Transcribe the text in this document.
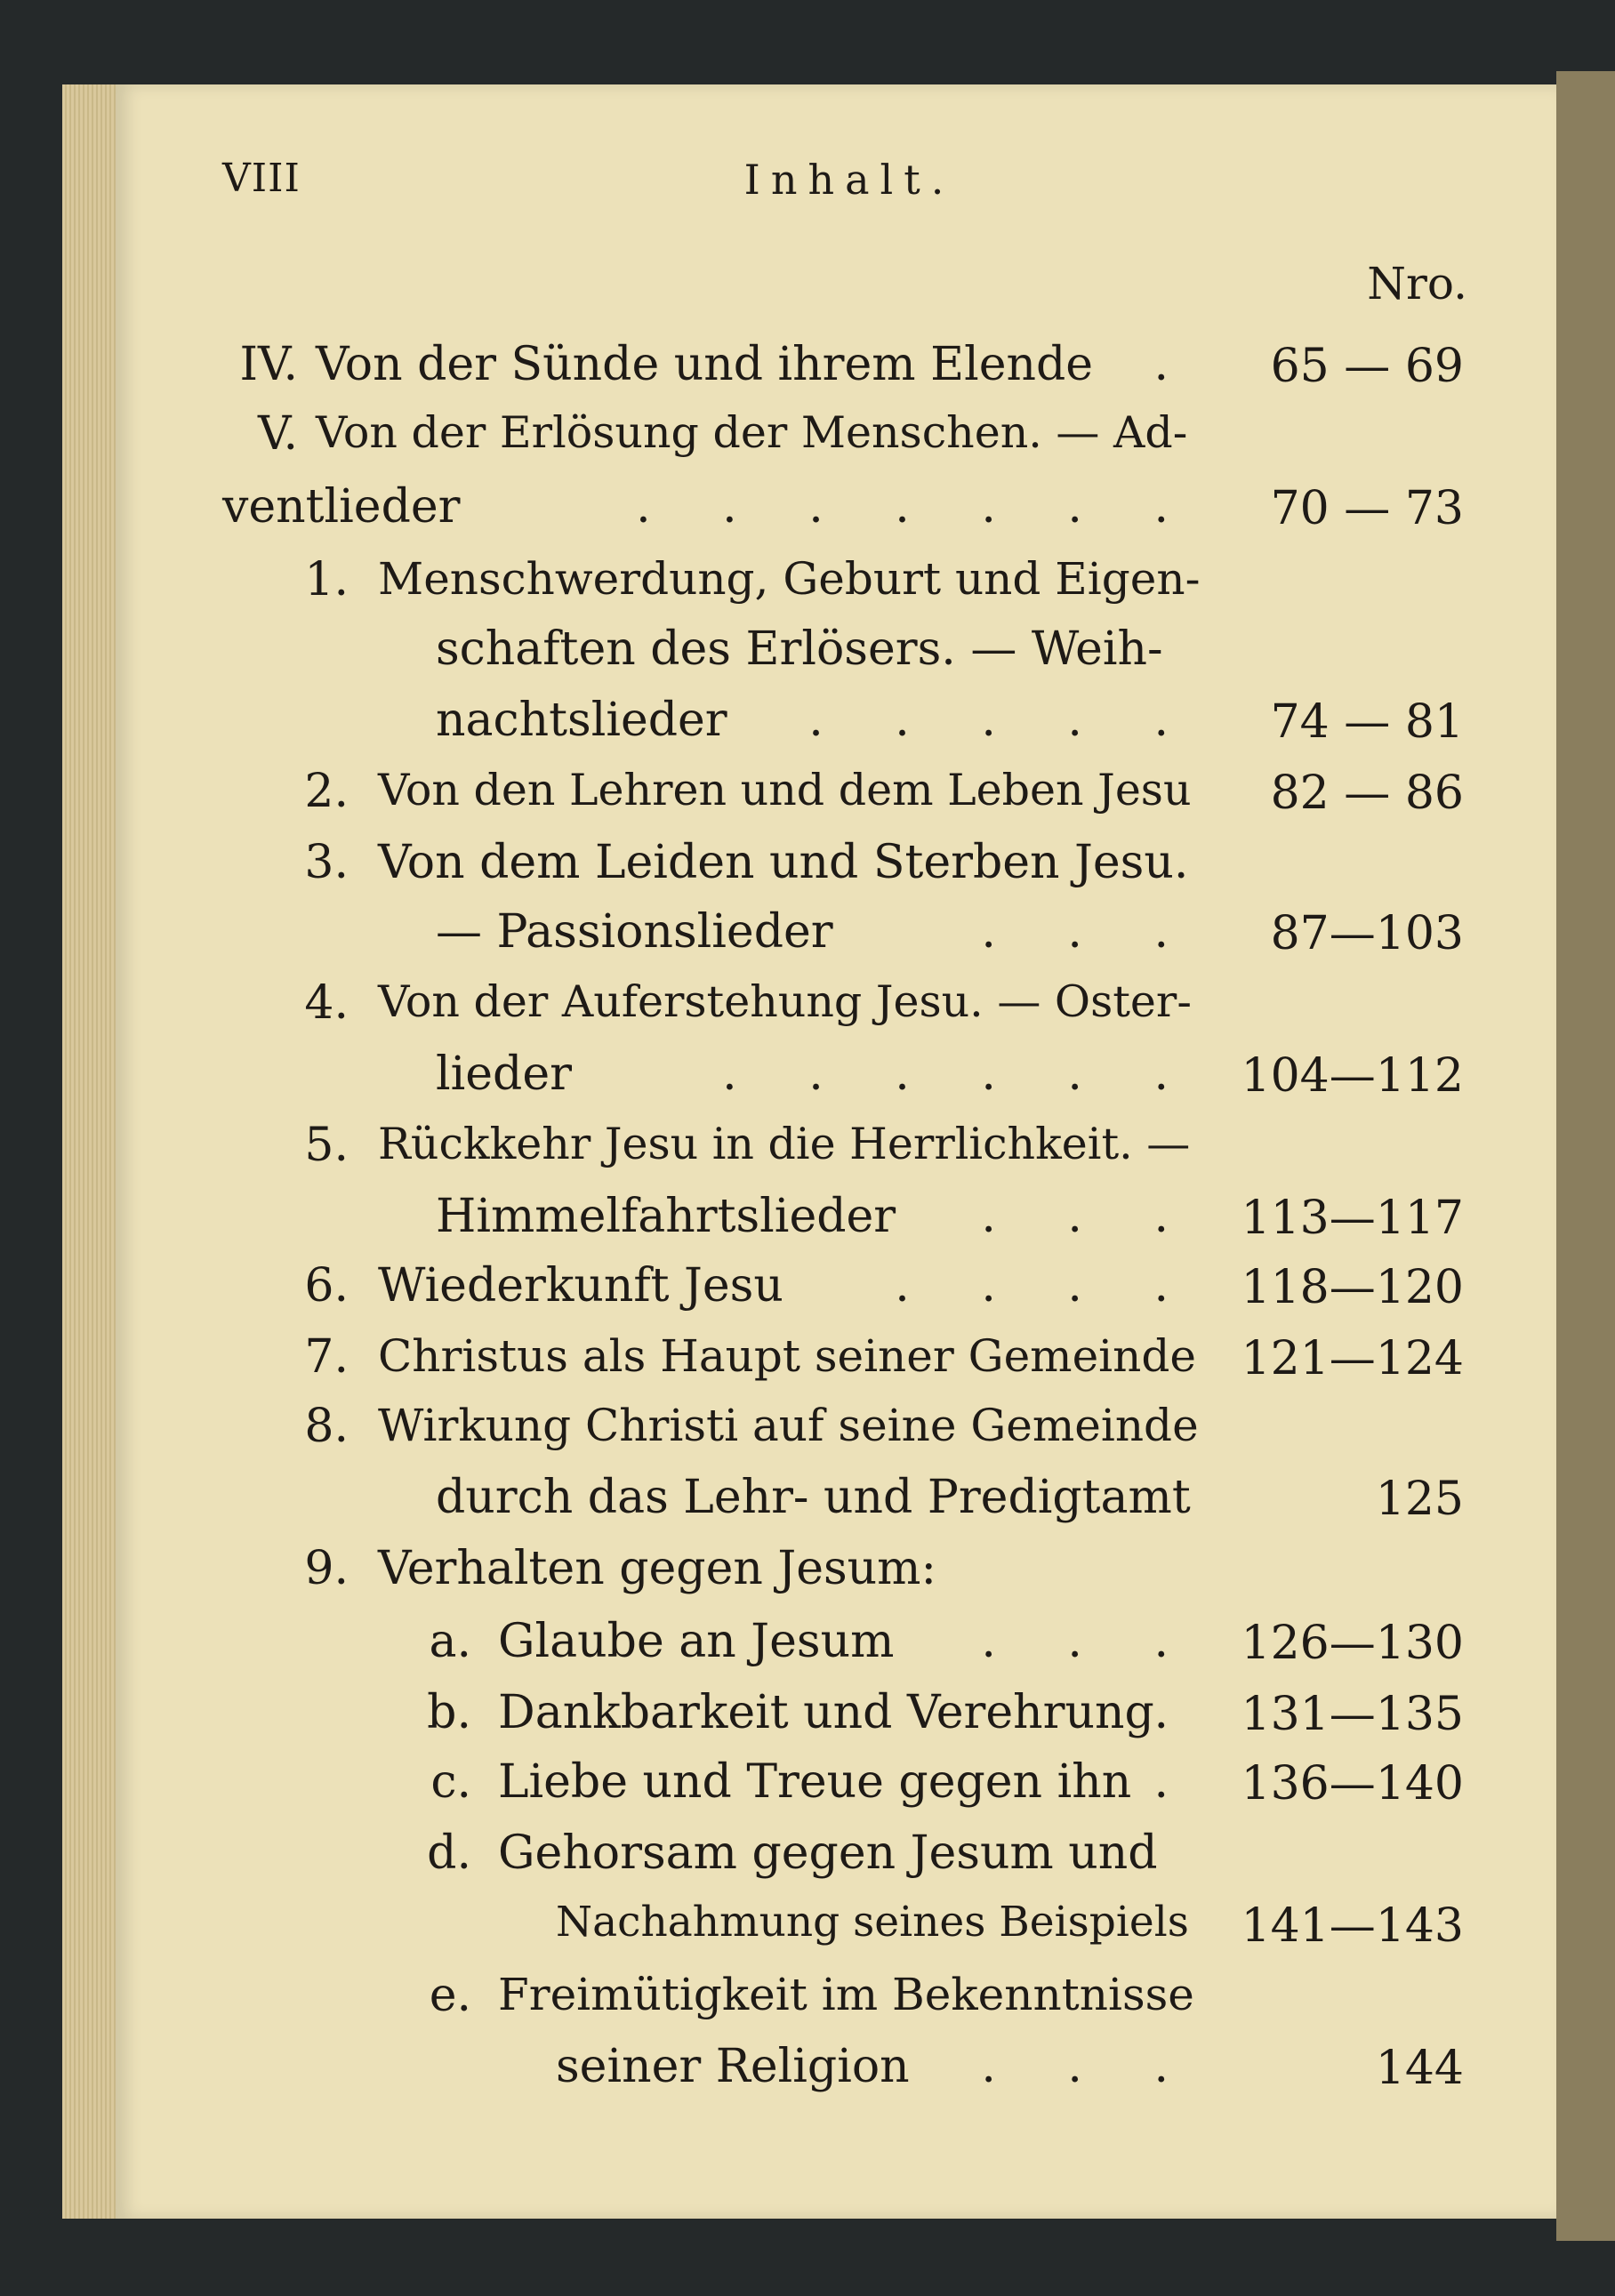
VIII	Inhalt.
Nro.
IV. Von der Sünde und ihrem Elende . 65 — 69
V. Von der Erlösung der Menschen. — Ad-
ventlieder	. . . . . . . 70 — 73
1. Menschwerdung, Geburt und Eigen-
schaften des Erlösers. — Weih-
nachtslieder . . . . . 74 — 81
2. Von den Lehren und dem Leben Jesu 82 — 86
3. Von dem Leiden und Sterben Jesu.
— Passionslieder	. . . 87—103
4. Von der Auferstehung Jesu. — Oster-
lieder	. . . . . . 104—112
5. Rückkehr Jesu in die Herrlichkeit. —
Himmelfahrtslieder . . . 113—117
6. Wiederkunft Jesu . . . . 118—120
7. Christus als Haupt seiner Gemeinde 121—124
8. Wirkung Christi auf seine Gemeinde
durch das Lehr- und Predigtamt	125
9. Verhalten gegen Jesum:
a. Glaube an Jesum . . . 126—130
b. Dankbarkeit und Verehrung . 131—135
c. Liebe und Treue gegen ihn . 136—140
d. Gehorsam gegen Jesum und
Nachahmung seines Beispiels 141—143
e. Freimütigkeit im Bekenntnisse
seiner Religion . . .	144
